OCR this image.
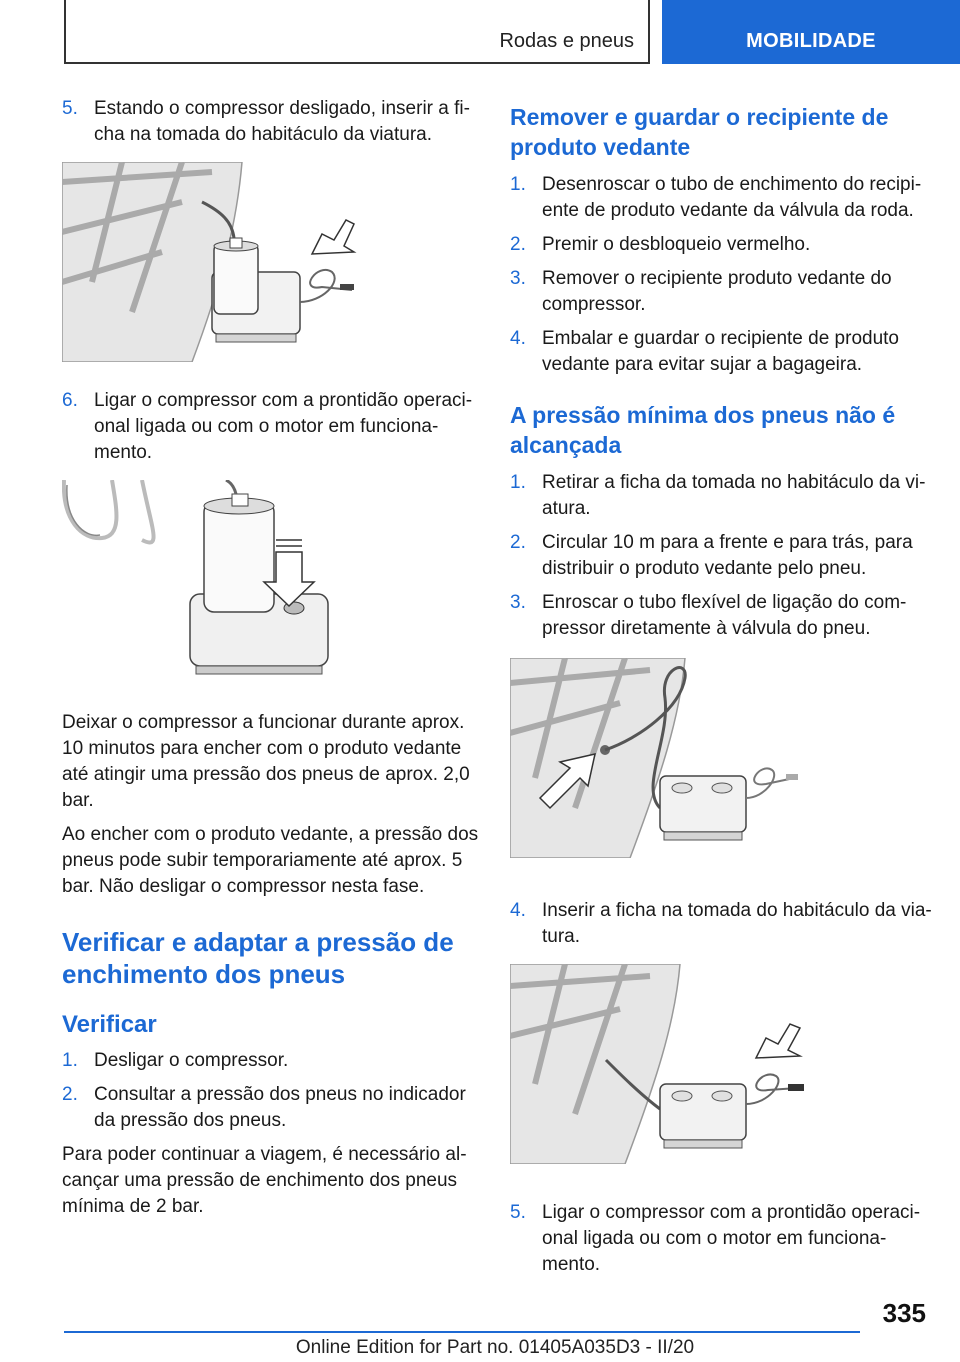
Rodas e pneus	MOBILIDADE
5. Estando o compressor desligado, inserir a ficha na tomada do habitáculo da viatura.
6. Ligar o compressor com a prontidão operacional ligada ou com o motor em funcionamento.
Deixar o compressor a funcionar durante aprox. 10 minutos para encher com o produto vedante até atingir uma pressão dos pneus de aprox. 2,0 bar.
Ao encher com o produto vedante, a pressão dos pneus pode subir temporariamente até aprox. 5 bar. Não desligar o compressor nesta fase.
Verificar e adaptar a pressão de enchimento dos pneus
Verificar
1. Desligar o compressor.
2. Consultar a pressão dos pneus no indicador da pressão dos pneus.
Para poder continuar a viagem, é necessário alcançar uma pressão de enchimento dos pneus mínima de 2 bar.
Remover e guardar o recipiente de produto vedante
1. Desenroscar o tubo de enchimento do recipiente de produto vedante da válvula da roda.
2. Premir o desbloqueio vermelho.
3. Remover o recipiente produto vedante do compressor.
4. Embalar e guardar o recipiente de produto vedante para evitar sujar a bagageira.
A pressão mínima dos pneus não é alcançada
1. Retirar a ficha da tomada no habitáculo da viatura.
2. Circular 10 m para a frente e para trás, para distribuir o produto vedante pelo pneu.
3. Enroscar o tubo flexível de ligação do compressor diretamente à válvula do pneu.
4. Inserir a ficha na tomada do habitáculo da viatura.
5. Ligar o compressor com a prontidão operacional ligada ou com o motor em funcionamento.
335
Online Edition for Part no. 01405A035D3 - II/20
